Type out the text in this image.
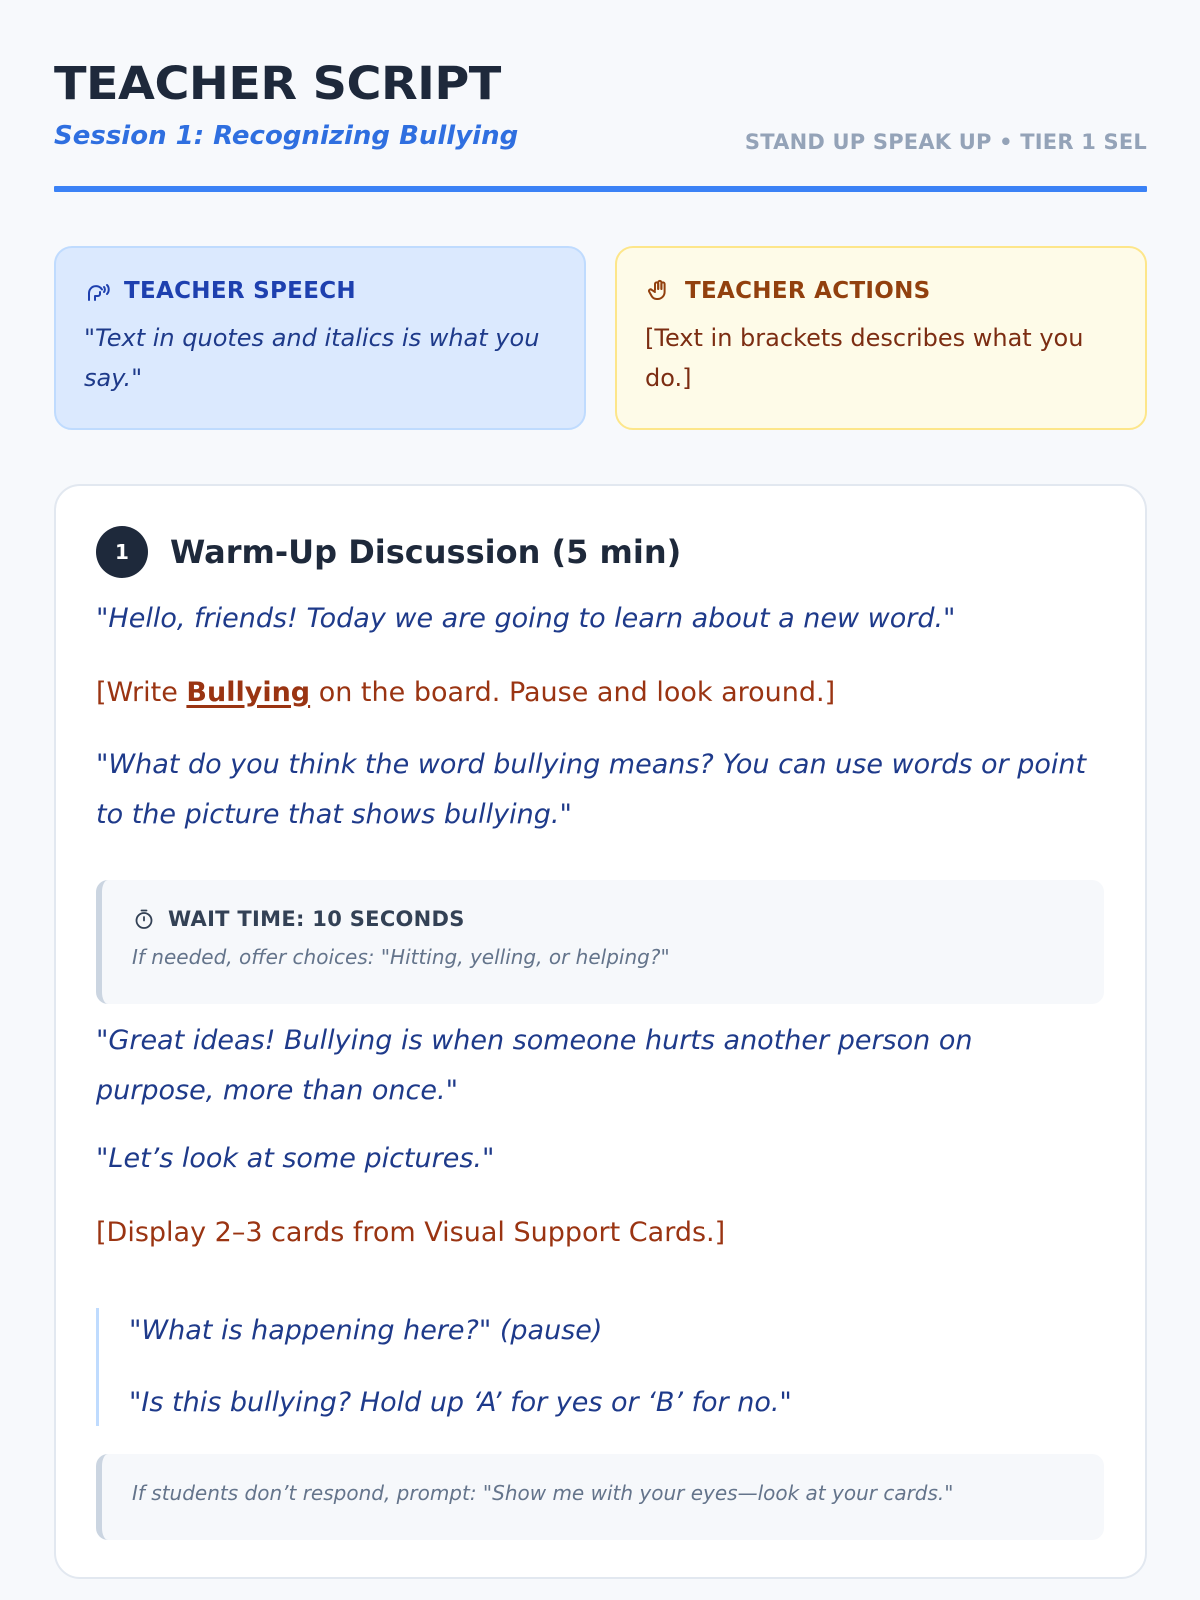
TEACHER SCRIPT
Session 1: Recognizing Bullying	STAND UP SPEAK UP • TIER 1 SEL
TEACHER SPEECH
"Text in quotes and italics is what you say."
TEACHER ACTIONS
[Text in brackets describes what you do.]
1	Warm-Up Discussion (5 min)
"Hello, friends! Today we are going to learn about a new word."
[Write Bullying on the board. Pause and look around.]
"What do you think the word bullying means? You can use words or point to the picture that shows bullying."
WAIT TIME: 10 SECONDS
If needed, offer choices: "Hitting, yelling, or helping?"
"Great ideas! Bullying is when someone hurts another person on purpose, more than once."
"Let’s look at some pictures."
[Display 2–3 cards from Visual Support Cards.]
"What is happening here?" (pause)
"Is this bullying? Hold up ‘A’ for yes or ‘B’ for no."
If students don’t respond, prompt: "Show me with your eyes—look at your cards."
